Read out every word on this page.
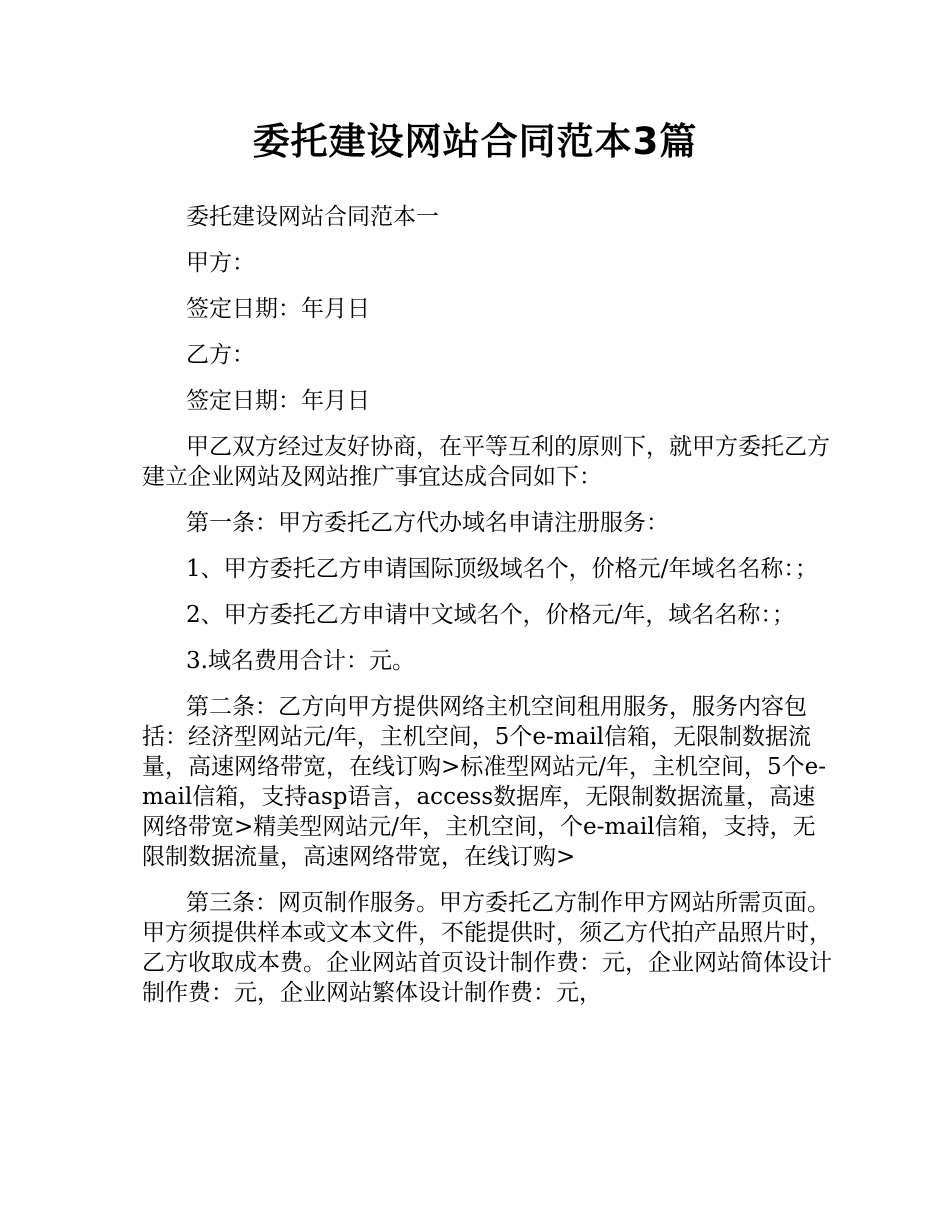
委托建设网站合同范本3篇

委托建设网站合同范本一

甲方：

签定日期：年月日

乙方：

签定日期：年月日

甲乙双方经过友好协商，在平等互利的原则下，就甲方委托乙方建立企业网站及网站推广事宜达成合同如下：

第一条：甲方委托乙方代办域名申请注册服务：

1、甲方委托乙方申请国际顶级域名个，价格元/年域名名称：；

2、甲方委托乙方申请中文域名个，价格元/年，域名名称：；

3.域名费用合计：元。

第二条：乙方向甲方提供网络主机空间租用服务，服务内容包括：经济型网站元/年，主机空间，5个e-mail信箱，无限制数据流量，高速网络带宽，在线订购>标准型网站元/年，主机空间，5个e-mail信箱，支持asp语言，access数据库，无限制数据流量，高速网络带宽>精美型网站元/年，主机空间，个e-mail信箱，支持，无限制数据流量，高速网络带宽，在线订购>

第三条：网页制作服务。甲方委托乙方制作甲方网站所需页面。甲方须提供样本或文本文件，不能提供时，须乙方代拍产品照片时，乙方收取成本费。企业网站首页设计制作费：元，企业网站简体设计制作费：元，企业网站繁体设计制作费：元，
